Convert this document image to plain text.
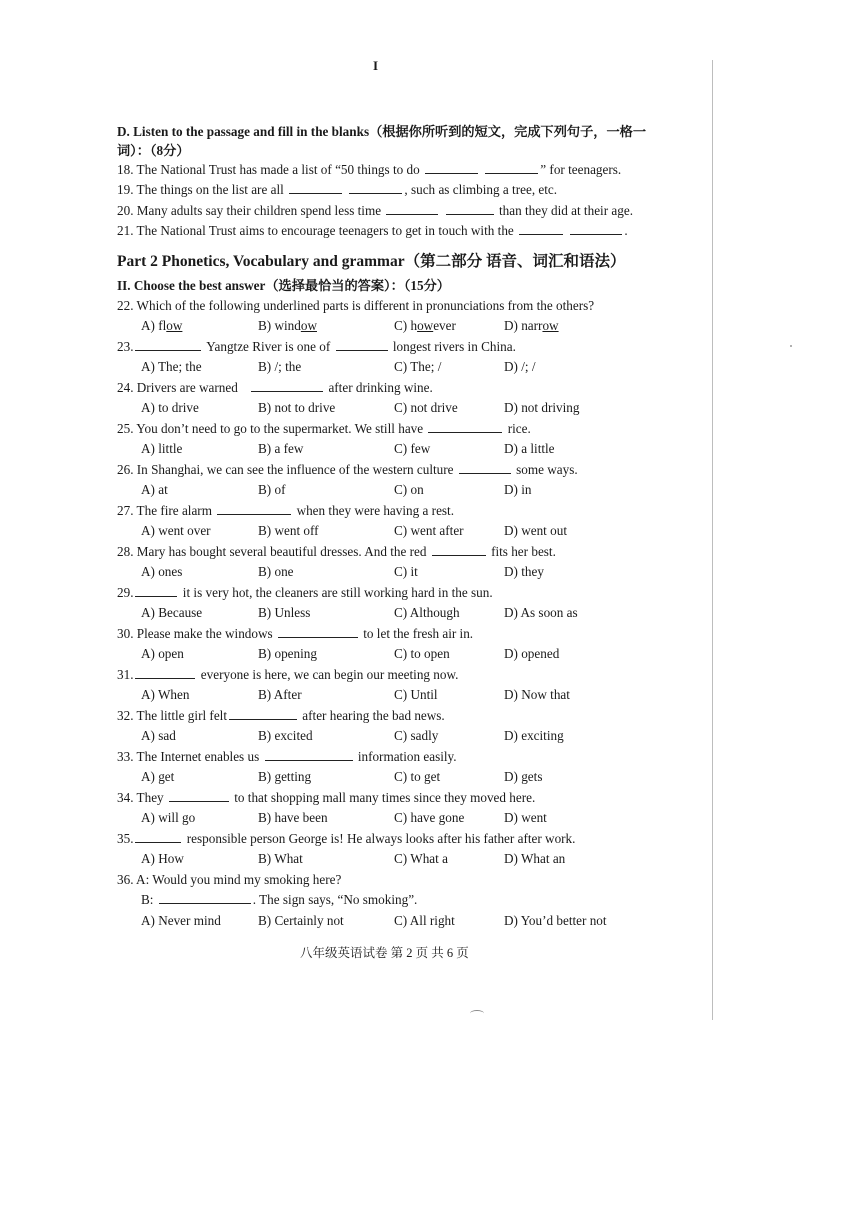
I

D. Listen to the passage and fill in the blanks（根据你所听到的短文，完成下列句子，一格一词）：（8分）

18. The National Trust has made a list of “50 things to do	” for teenagers.
19. The things on the list are all	, such as climbing a tree, etc.
20. Many adults say their children spend less time	than they did at their age.
21. The National Trust aims to encourage teenagers to get in touch with the	.
Part 2 Phonetics, Vocabulary and grammar（第二部分 语音、词汇和语法）
II. Choose the best answer（选择最恰当的答案）：（15分）
22. Which of the following underlined parts is different in pronunciations from the others?
A) flow	B) window	C) however	D) narrow
23.	Yangtze River is one of	longest rivers in China.
A) The; the	B) /; the	C) The; /	D) /; /
24. Drivers are warned	after drinking wine.
A) to drive	B) not to drive	C) not drive	D) not driving
25. You don’t need to go to the supermarket. We still have	rice.
A) little	B) a few	C) few	D) a little
26. In Shanghai, we can see the influence of the western culture	some ways.
A) at	B) of	C) on	D) in
27. The fire alarm	when they were having a rest.
A) went over	B) went off	C) went after	D) went out
28. Mary has bought several beautiful dresses. And the red	fits her best.
A) ones	B) one	C) it	D) they
29.	it is very hot, the cleaners are still working hard in the sun.
A) Because	B) Unless	C) Although	D) As soon as
30. Please make the windows	to let the fresh air in.
A) open	B) opening	C) to open	D) opened
31.	everyone is here, we can begin our meeting now.
A) When	B) After	C) Until	D) Now that
32. The little girl felt	after hearing the bad news.
A) sad	B) excited	C) sadly	D) exciting
33. The Internet enables us	information easily.
A) get	B) getting	C) to get	D) gets
34. They	to that shopping mall many times since they moved here.
A) will go	B) have been	C) have gone	D) went
35.	responsible person George is! He always looks after his father after work.
A) How	B) What	C) What a	D) What an
36. A: Would you mind my smoking here?
B:	. The sign says, “No smoking”.
A) Never mind	B) Certainly not	C) All right	D) You’d better not
八年级英语试卷 第 2 页 共 6 页
